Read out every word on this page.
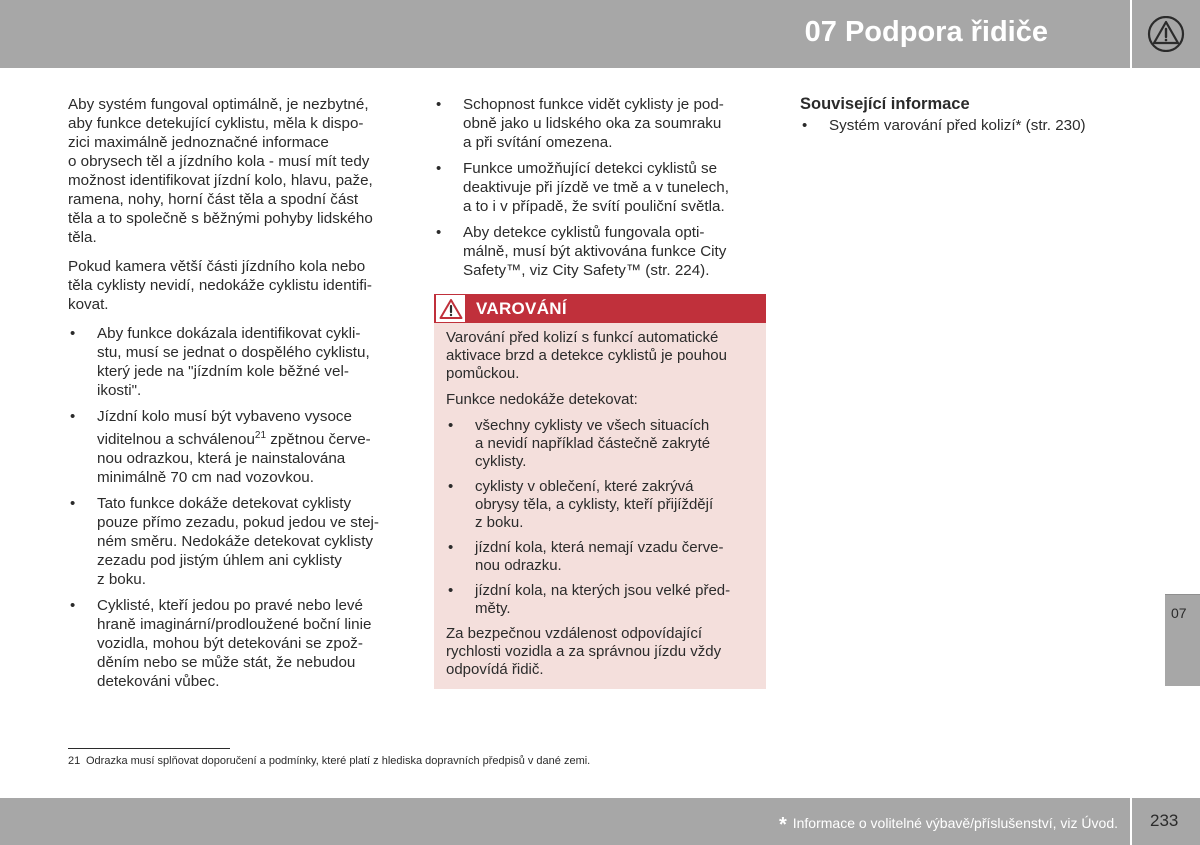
07 Podpora řidiče

Aby systém fungoval optimálně, je nezbytné,
aby funkce detekující cyklistu, měla k dispo-
zici maximálně jednoznačné informace
o obrysech těl a jízdního kola - musí mít tedy
možnost identifikovat jízdní kolo, hlavu, paže,
ramena, nohy, horní část těla a spodní část
těla a to společně s běžnými pohyby lidského
těla.

Pokud kamera větší části jízdního kola nebo
těla cyklisty nevidí, nedokáže cyklistu identifi-
kovat.

• Aby funkce dokázala identifikovat cykli-
stu, musí se jednat o dospělého cyklistu,
který jede na "jízdním kole běžné vel-
ikosti".
• Jízdní kolo musí být vybaveno vysoce
viditelnou a schválenou$^{21}$ zpětnou červe-
nou odrazkou, která je nainstalována
minimálně 70 cm nad vozovkou.
• Tato funkce dokáže detekovat cyklisty
pouze přímo zezadu, pokud jedou ve stej-
ném směru. Nedokáže detekovat cyklisty
zezadu pod jistým úhlem ani cyklisty
z boku.
• Cyklisté, kteří jedou po pravé nebo levé
hraně imaginární/prodloužené boční linie
vozidla, mohou být detekováni se zpož-
děním nebo se může stát, že nebudou
detekováni vůbec.
• Schopnost funkce vidět cyklisty je pod-
obně jako u lidského oka za soumraku
a při svítání omezena.
• Funkce umožňující detekci cyklistů se
deaktivuje při jízdě ve tmě a v tunelech,
a to i v případě, že svítí pouliční světla.
• Aby detekce cyklistů fungovala opti-
málně, musí být aktivována funkce City
Safety™, viz City Safety™ (str. 224).
VAROVÁNÍ

Varování před kolizí s funkcí automatické
aktivace brzd a detekce cyklistů je pouhou
pomůckou.

Funkce nedokáže detekovat:

• všechny cyklisty ve všech situacích
a nevidí například částečně zakryté
cyklisty.
• cyklisty v oblečení, které zakrývá
obrysy těla, a cyklisty, kteří přijíždějí
z boku.
• jízdní kola, která nemají vzadu červe-
nou odrazku.
• jízdní kola, na kterých jsou velké před-
měty.

Za bezpečnou vzdálenost odpovídající
rychlosti vozidla a za správnou jízdu vždy
odpovídá řidič.

Související informace
• Systém varování před kolizí* (str. 230)
07
21 Odrazka musí splňovat doporučení a podmínky, které platí z hlediska dopravních předpisů v dané zemi.
* Informace o volitelné výbavě/příslušenství, viz Úvod. 233
